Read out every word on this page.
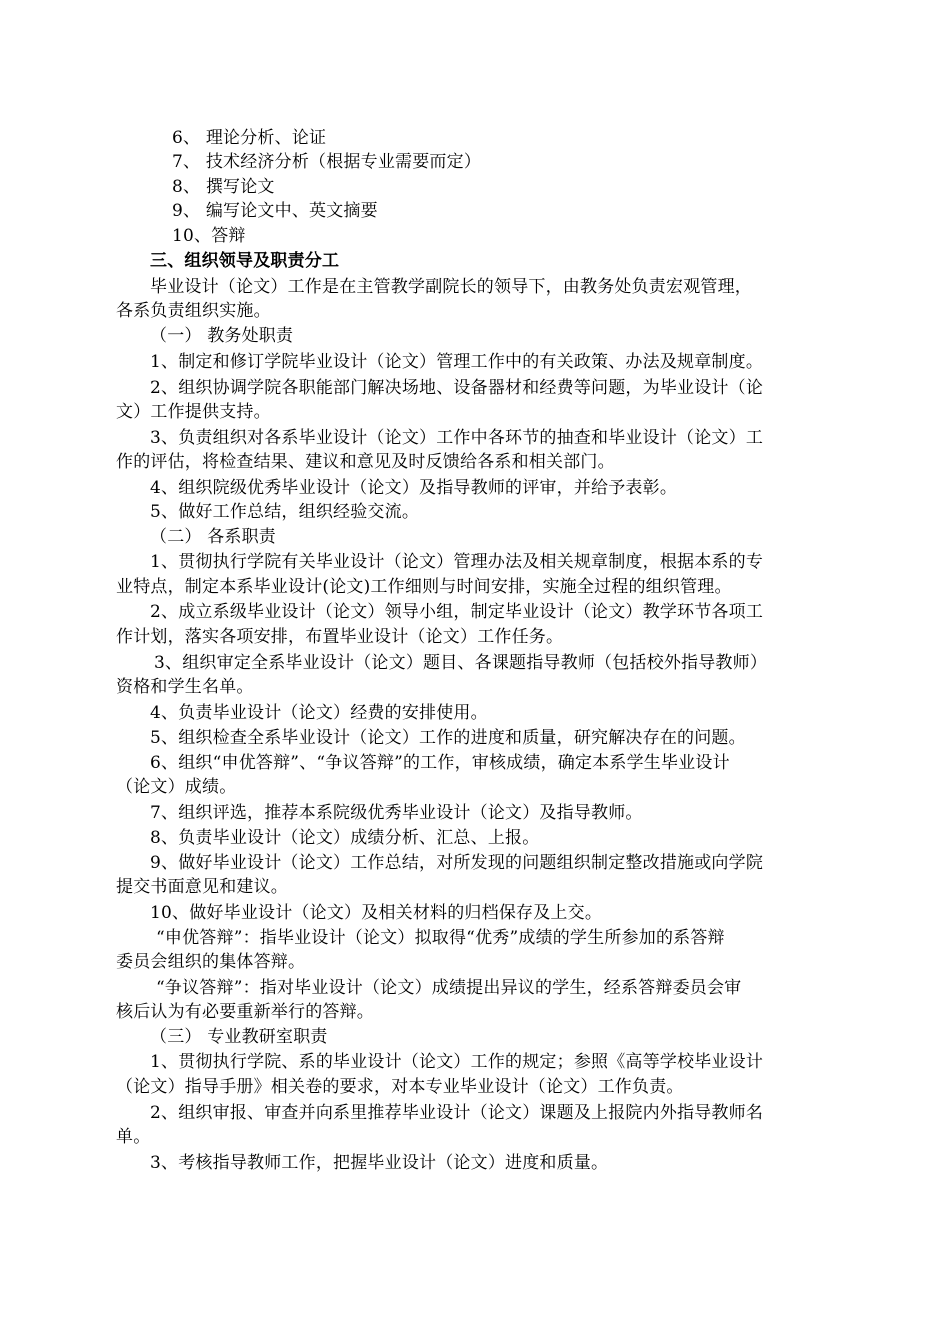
6、 理论分析、论证
7、 技术经济分析（根据专业需要而定）
8、 撰写论文
9、 编写论文中、英文摘要
10、答辩
三、组织领导及职责分工
毕业设计（论文）工作是在主管教学副院长的领导下，由教务处负责宏观管理，
各系负责组织实施。
（一） 教务处职责
1、制定和修订学院毕业设计（论文）管理工作中的有关政策、办法及规章制度。
2、组织协调学院各职能部门解决场地、设备器材和经费等问题，为毕业设计（论
文）工作提供支持。
3、负责组织对各系毕业设计（论文）工作中各环节的抽查和毕业设计（论文）工
作的评估，将检查结果、建议和意见及时反馈给各系和相关部门。
4、组织院级优秀毕业设计（论文）及指导教师的评审，并给予表彰。
5、做好工作总结，组织经验交流。
（二） 各系职责
1、贯彻执行学院有关毕业设计（论文）管理办法及相关规章制度，根据本系的专
业特点，制定本系毕业设计(论文)工作细则与时间安排，实施全过程的组织管理。
2、成立系级毕业设计（论文）领导小组，制定毕业设计（论文）教学环节各项工
作计划，落实各项安排，布置毕业设计（论文）工作任务。
3、组织审定全系毕业设计（论文）题目、各课题指导教师（包括校外指导教师）
资格和学生名单。
4、负责毕业设计（论文）经费的安排使用。
5、组织检查全系毕业设计（论文）工作的进度和质量，研究解决存在的问题。
6、组织“申优答辩”、“争议答辩”的工作，审核成绩，确定本系学生毕业设计
（论文）成绩。
7、组织评选，推荐本系院级优秀毕业设计（论文）及指导教师。
8、负责毕业设计（论文）成绩分析、汇总、上报。
9、做好毕业设计（论文）工作总结，对所发现的问题组织制定整改措施或向学院
提交书面意见和建议。
10、做好毕业设计（论文）及相关材料的归档保存及上交。
“申优答辩”：指毕业设计（论文）拟取得“优秀”成绩的学生所参加的系答辩
委员会组织的集体答辩。
“争议答辩”：指对毕业设计（论文）成绩提出异议的学生，经系答辩委员会审
核后认为有必要重新举行的答辩。
（三） 专业教研室职责
1、贯彻执行学院、系的毕业设计（论文）工作的规定；参照《高等学校毕业设计
（论文）指导手册》相关卷的要求，对本专业毕业设计（论文）工作负责。
2、组织审报、审查并向系里推荐毕业设计（论文）课题及上报院内外指导教师名
单。
3、考核指导教师工作，把握毕业设计（论文）进度和质量。
